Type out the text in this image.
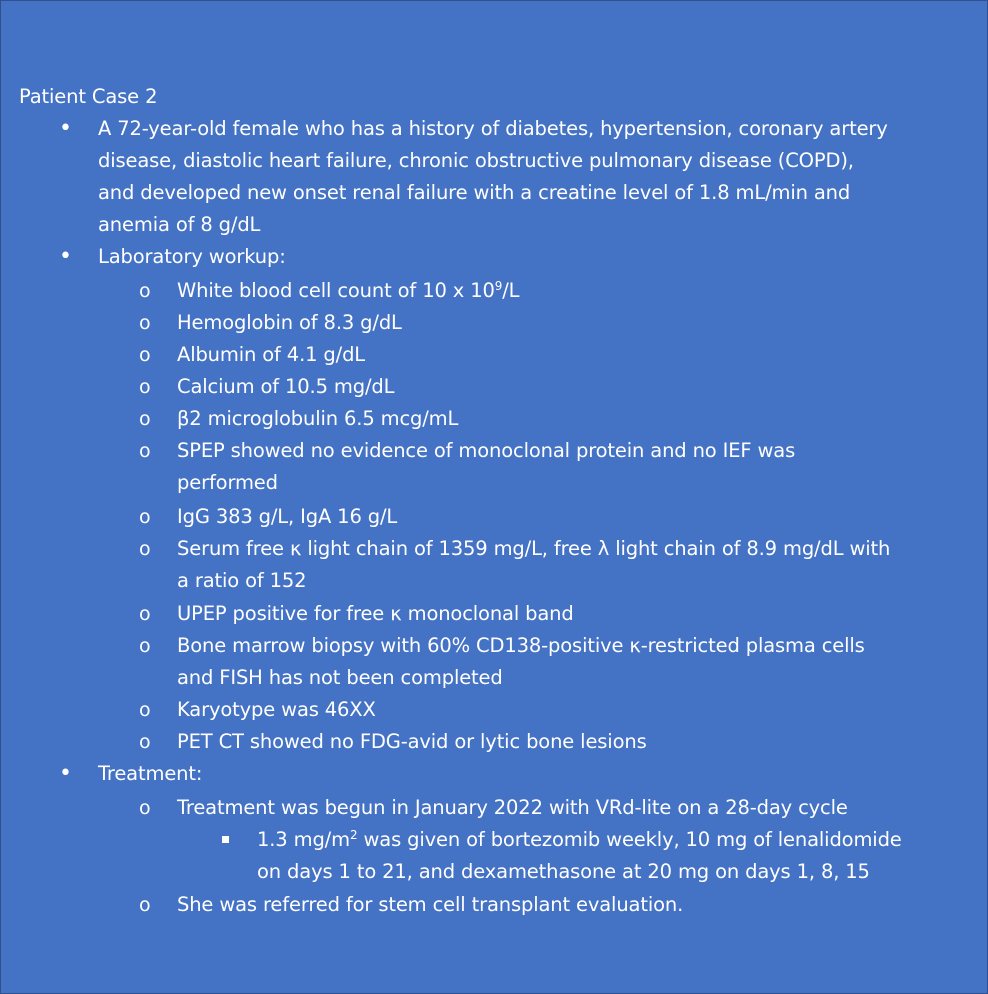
Patient Case 2
• A 72-year-old female who has a history of diabetes, hypertension, coronary artery
disease, diastolic heart failure, chronic obstructive pulmonary disease (COPD),
and developed new onset renal failure with a creatine level of 1.8 mL/min and
anemia of 8 g/dL
• Laboratory workup:
o White blood cell count of 10 x $10^9/L$
o Hemoglobin of 8.3 g/dL
o Albumin of 4.1 g/dL
o Calcium of 10.5 mg/dL
o β2 microglobulin 6.5 mcg/mL
o SPEP showed no evidence of monoclonal protein and no IEF was
performed
o IgG 383 g/L, IgA 16 g/L
o Serum free κ light chain of 1359 mg/L, free λ light chain of 8.9 mg/dL with
a ratio of 152
o UPEP positive for free κ monoclonal band
o Bone marrow biopsy with 60% CD138-positive κ-restricted plasma cells
and FISH has not been completed
o Karyotype was 46XX
o PET CT showed no FDG-avid or lytic bone lesions
• Treatment:
o Treatment was begun in January 2022 with VRd-lite on a 28-day cycle
1.3 $mg/m^2$ was given of bortezomib weekly, 10 mg of lenalidomide
on days 1 to 21, and dexamethasone at 20 mg on days 1, 8, 15
o She was referred for stem cell transplant evaluation.
